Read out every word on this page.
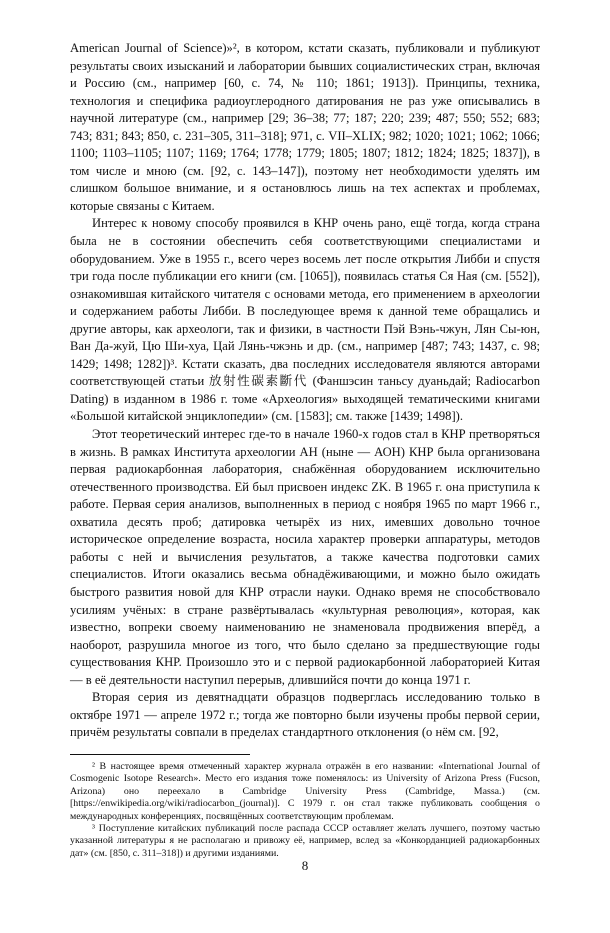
American Journal of Science)»², в котором, кстати сказать, публиковали и публикуют результаты своих изысканий и лаборатории бывших социалистических стран, включая и Россию (см., например [60, с. 74, № 110; 1861; 1913]). Принципы, техника, технология и специфика радиоуглеродного датирования не раз уже описывались в научной литературе (см., например [29; 36–38; 77; 187; 220; 239; 487; 550; 552; 683; 743; 831; 843; 850, с. 231–305, 311–318]; 971, с. VII–XLIX; 982; 1020; 1021; 1062; 1066; 1100; 1103–1105; 1107; 1169; 1764; 1778; 1779; 1805; 1807; 1812; 1824; 1825; 1837]), в том числе и мною (см. [92, с. 143–147]), поэтому нет необходимости уделять им слишком большое внимание, и я остановлюсь лишь на тех аспектах и проблемах, которые связаны с Китаем.

Интерес к новому способу проявился в КНР очень рано, ещё тогда, когда страна была не в состоянии обеспечить себя соответствующими специалистами и оборудованием. Уже в 1955 г., всего через восемь лет после открытия Либби и спустя три года после публикации его книги (см. [1065]), появилась статья Ся Ная (см. [552]), ознакомившая китайского читателя с основами метода, его применением в археологии и содержанием работы Либби. В последующее время к данной теме обращались и другие авторы, как археологи, так и физики, в частности Пэй Вэнь-чжун, Лян Сы-юн, Ван Да-жуй, Цю Ши-хуа, Цай Лянь-чжэнь и др. (см., например [487; 743; 1437, с. 98; 1429; 1498; 1282])³. Кстати сказать, два последних исследователя являются авторами соответствующей статьи 放射性碳素斷代 (Фаншэсин таньсу дуаньдай; Radiocarbon Dating) в изданном в 1986 г. томе «Археология» выходящей тематическими книгами «Большой китайской энциклопедии» (см. [1583]; см. также [1439; 1498]).

Этот теоретический интерес где-то в начале 1960-х годов стал в КНР претворяться в жизнь. В рамках Института археологии АН (ныне — АОН) КНР была организована первая радиокарбонная лаборатория, снабжённая оборудованием исключительно отечественного производства. Ей был присвоен индекс ZK. В 1965 г. она приступила к работе. Первая серия анализов, выполненных в период с ноября 1965 по март 1966 г., охватила десять проб; датировка четырёх из них, имевших довольно точное историческое определение возраста, носила характер проверки аппаратуры, методов работы с ней и вычисления результатов, а также качества подготовки самих специалистов. Итоги оказались весьма обнадёживающими, и можно было ожидать быстрого развития новой для КНР отрасли науки. Однако время не способствовало усилиям учёных: в стране развёртывалась «культурная революция», которая, как известно, вопреки своему наименованию не знаменовала продвижения вперёд, а наоборот, разрушила многое из того, что было сделано за предшествующие годы существования КНР. Произошло это и с первой радиокарбонной лабораторией Китая — в её деятельности наступил перерыв, длившийся почти до конца 1971 г.

Вторая серия из девятнадцати образцов подверглась исследованию только в октябре 1971 — апреле 1972 г.; тогда же повторно были изучены пробы первой серии, причём результаты совпали в пределах стандартного отклонения (о нём см. [92,

² В настоящее время отмеченный характер журнала отражён в его названии: «International Journal of Cosmogenic Isotope Research». Место его издания тоже поменялось: из University of Arizona Press (Fucson, Arizona) оно переехало в Cambridge University Press (Cambridge, Massa.) (см. [https://enwikipedia.org/wiki/radiocarbon_(journal)]. С 1979 г. он стал также публиковать сообщения о международных конференциях, посвящённых соответствующим проблемам.

³ Поступление китайских публикаций после распада СССР оставляет желать лучшего, поэтому частью указанной литературы я не располагаю и привожу её, например, вслед за «Конкорданцией радиокарбонных дат» (см. [850, с. 311–318]) и другими изданиями.

8
